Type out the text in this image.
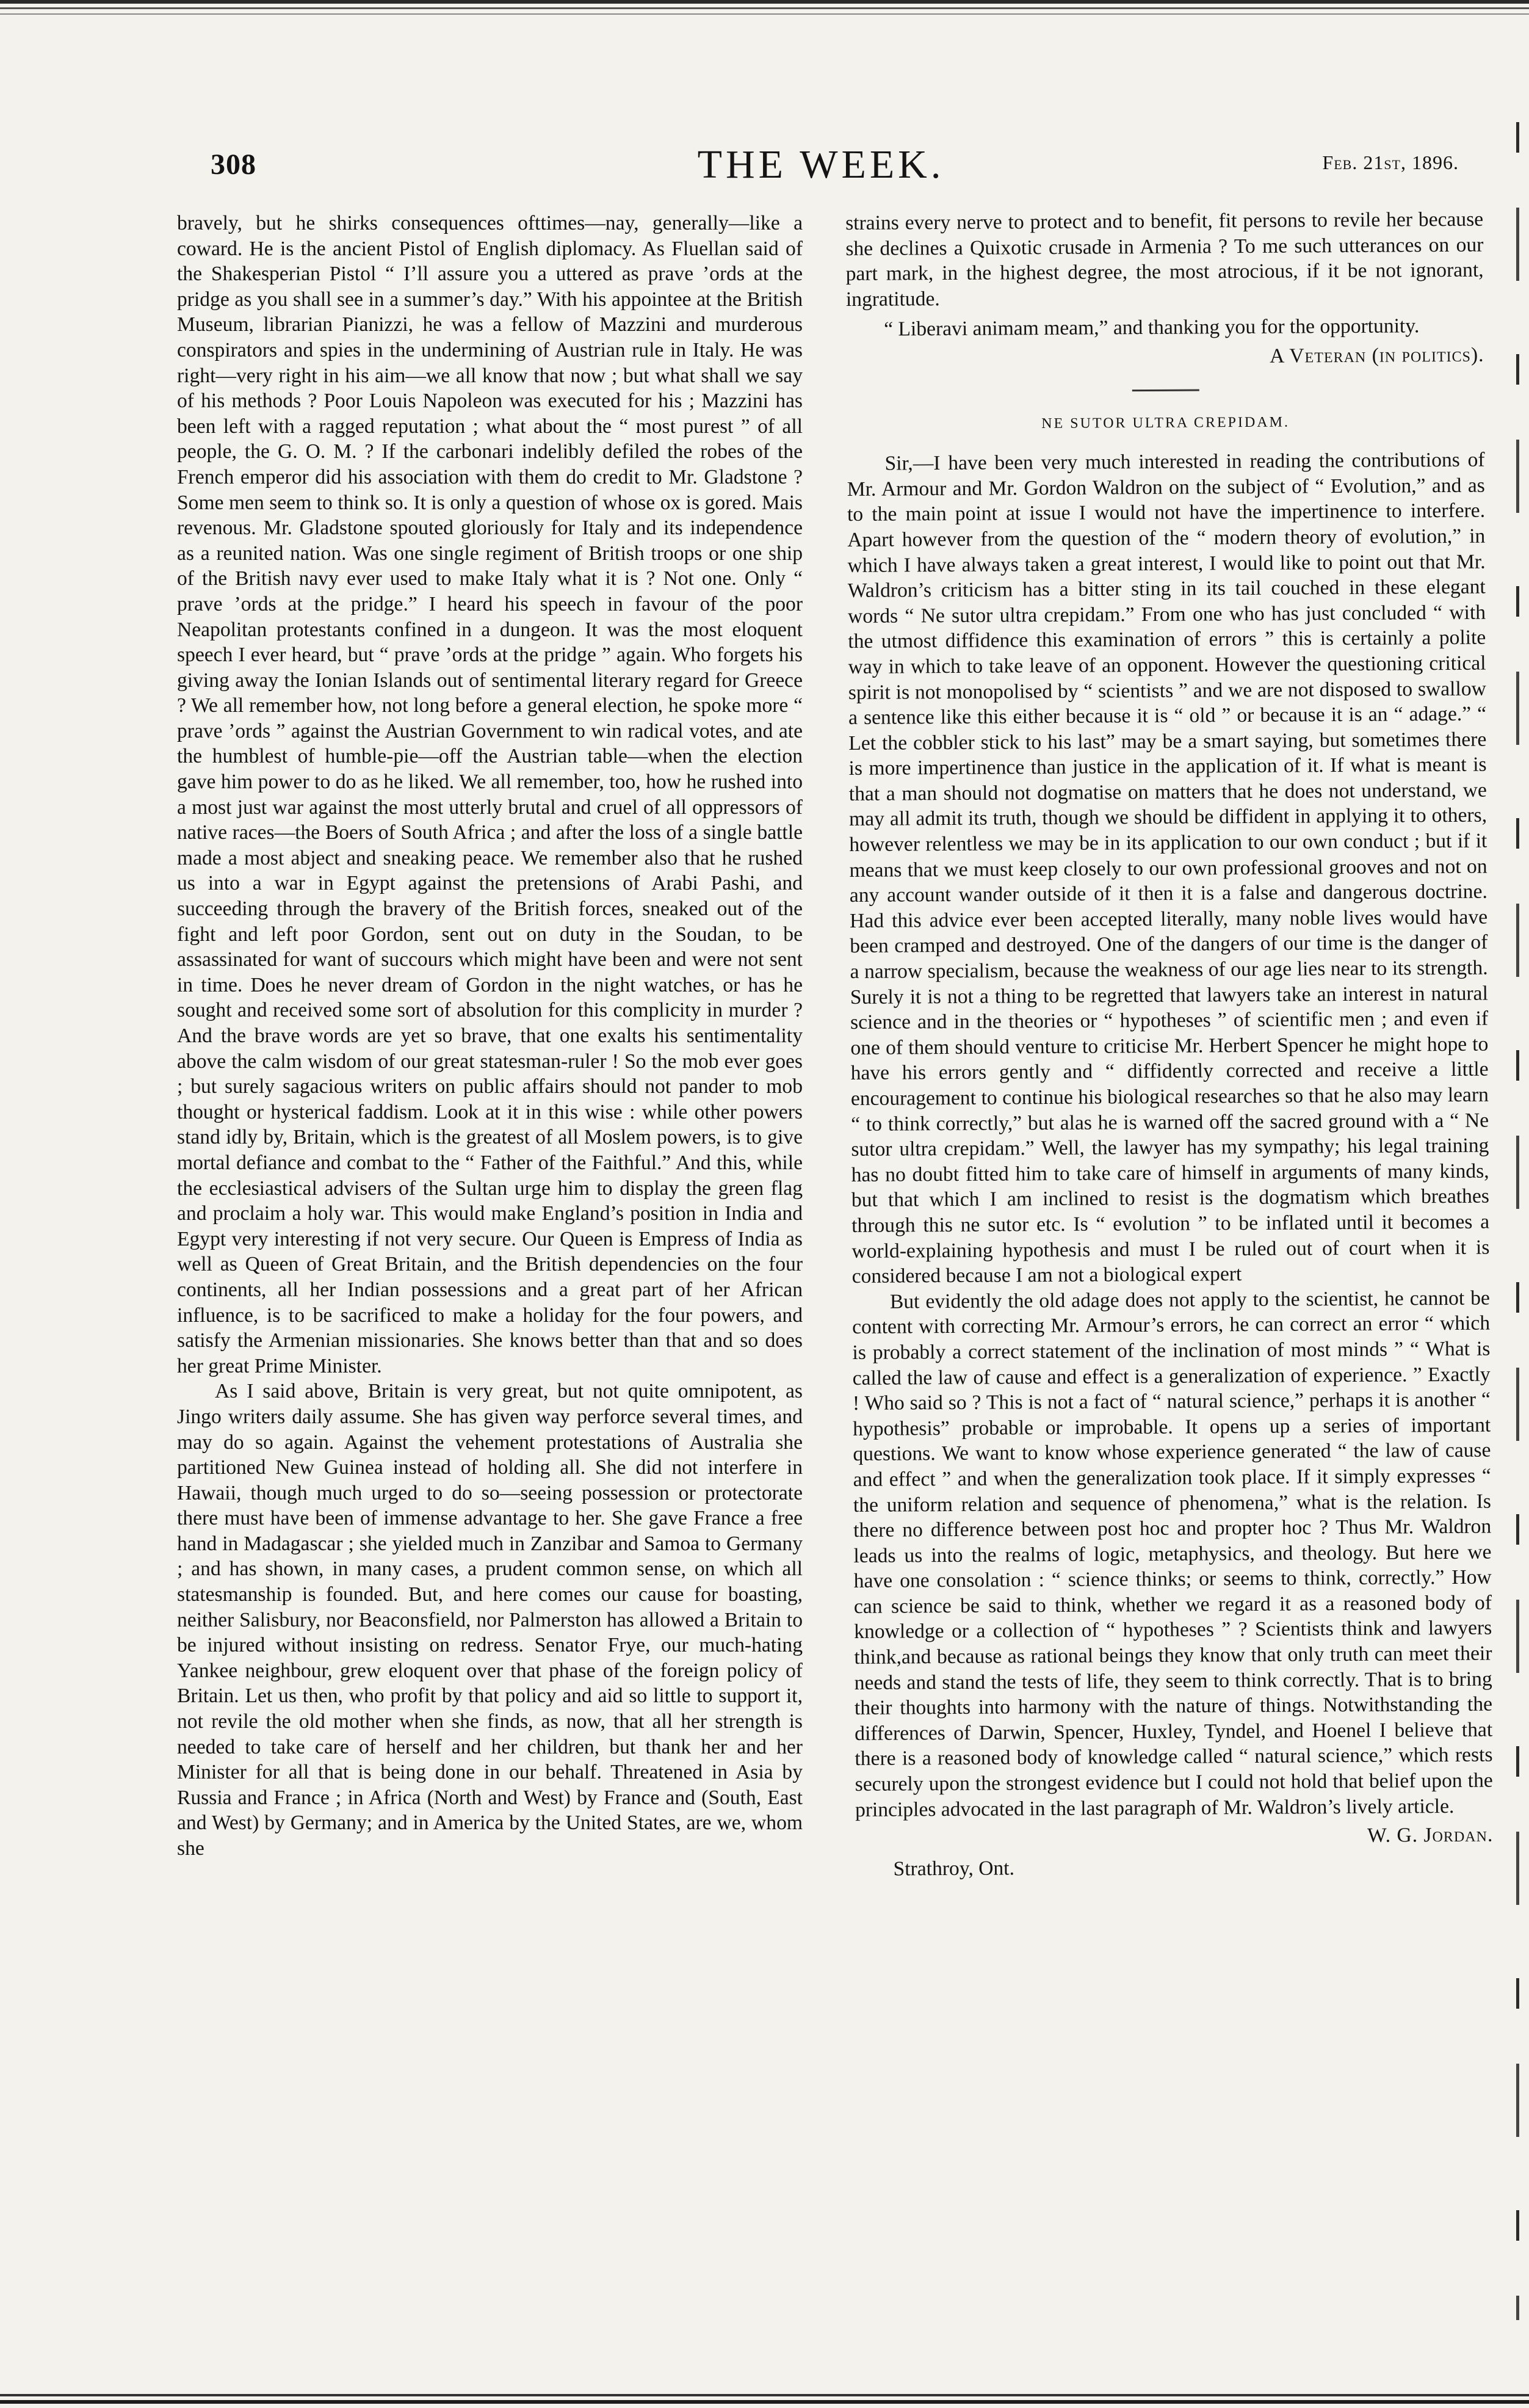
308	THE WEEK.	Feb. 21st, 1896.

bravely, but he shirks consequences ofttimes—nay, generally—like a coward. He is the ancient Pistol of English diplomacy. As Fluellan said of the Shakesperian Pistol “ I’ll assure you a uttered as prave ’ords at the pridge as you shall see in a summer’s day.” With his appointee at the British Museum, librarian Pianizzi, he was a fellow of Mazzini and murderous conspirators and spies in the undermining of Austrian rule in Italy. He was right—very right in his aim—we all know that now ; but what shall we say of his methods ? Poor Louis Napoleon was executed for his ; Mazzini has been left with a ragged reputation ; what about the “ most purest ” of all people, the G. O. M. ? If the carbonari indelibly defiled the robes of the French emperor did his association with them do credit to Mr. Gladstone ? Some men seem to think so. It is only a question of whose ox is gored. Mais revenous. Mr. Gladstone spouted gloriously for Italy and its independence as a reunited nation. Was one single regiment of British troops or one ship of the British navy ever used to make Italy what it is ? Not one. Only “ prave ’ords at the pridge.” I heard his speech in favour of the poor Neapolitan protestants confined in a dungeon. It was the most eloquent speech I ever heard, but “ prave ’ords at the pridge ” again. Who forgets his giving away the Ionian Islands out of sentimental literary regard for Greece ? We all remember how, not long before a general election, he spoke more “ prave ’ords ” against the Austrian Government to win radical votes, and ate the humblest of humble-pie—off the Austrian table—when the election gave him power to do as he liked. We all remember, too, how he rushed into a most just war against the most utterly brutal and cruel of all oppressors of native races—the Boers of South Africa ; and after the loss of a single battle made a most abject and sneaking peace. We remember also that he rushed us into a war in Egypt against the pretensions of Arabi Pashi, and succeeding through the bravery of the British forces, sneaked out of the fight and left poor Gordon, sent out on duty in the Soudan, to be assassinated for want of succours which might have been and were not sent in time. Does he never dream of Gordon in the night watches, or has he sought and received some sort of absolution for this complicity in murder ? And the brave words are yet so brave, that one exalts his sentimentality above the calm wisdom of our great statesman-ruler ! So the mob ever goes ; but surely sagacious writers on public affairs should not pander to mob thought or hysterical faddism. Look at it in this wise : while other powers stand idly by, Britain, which is the greatest of all Moslem powers, is to give mortal defiance and combat to the “ Father of the Faithful.” And this, while the ecclesiastical advisers of the Sultan urge him to display the green flag and proclaim a holy war. This would make England’s position in India and Egypt very interesting if not very secure. Our Queen is Empress of India as well as Queen of Great Britain, and the British dependencies on the four continents, all her Indian possessions and a great part of her African influence, is to be sacrificed to make a holiday for the four powers, and satisfy the Armenian missionaries. She knows better than that and so does her great Prime Minister.

As I said above, Britain is very great, but not quite omnipotent, as Jingo writers daily assume. She has given way perforce several times, and may do so again. Against the vehement protestations of Australia she partitioned New Guinea instead of holding all. She did not interfere in Hawaii, though much urged to do so—seeing possession or protectorate there must have been of immense advantage to her. She gave France a free hand in Madagascar ; she yielded much in Zanzibar and Samoa to Germany ; and has shown, in many cases, a prudent common sense, on which all statesmanship is founded. But, and here comes our cause for boasting, neither Salisbury, nor Beaconsfield, nor Palmerston has allowed a Britain to be injured without insisting on redress. Senator Frye, our much-hating Yankee neighbour, grew eloquent over that phase of the foreign policy of Britain. Let us then, who profit by that policy and aid so little to support it, not revile the old mother when she finds, as now, that all her strength is needed to take care of herself and her children, but thank her and her Minister for all that is being done in our behalf. Threatened in Asia by Russia and France ; in Africa (North and West) by France and (South, East and West) by Germany; and in America by the United States, are we, whom she

strains every nerve to protect and to benefit, fit persons to revile her because she declines a Quixotic crusade in Armenia ? To me such utterances on our part mark, in the highest degree, the most atrocious, if it be not ignorant, ingratitude.

“ Liberavi animam meam,” and thanking you for the opportunity.

A Veteran (in politics).

NE SUTOR ULTRA CREPIDAM.

Sir,—I have been very much interested in reading the contributions of Mr. Armour and Mr. Gordon Waldron on the subject of “ Evolution,” and as to the main point at issue I would not have the impertinence to interfere. Apart however from the question of the “ modern theory of evolution,” in which I have always taken a great interest, I would like to point out that Mr. Waldron’s criticism has a bitter sting in its tail couched in these elegant words “ Ne sutor ultra crepidam.” From one who has just concluded “ with the utmost diffidence this examination of errors ” this is certainly a polite way in which to take leave of an opponent. However the questioning critical spirit is not monopolised by “ scientists ” and we are not disposed to swallow a sentence like this either because it is “ old ” or because it is an “ adage.” “ Let the cobbler stick to his last” may be a smart saying, but sometimes there is more impertinence than justice in the application of it. If what is meant is that a man should not dogmatise on matters that he does not understand, we may all admit its truth, though we should be diffident in applying it to others, however relentless we may be in its application to our own conduct ; but if it means that we must keep closely to our own professional grooves and not on any account wander outside of it then it is a false and dangerous doctrine. Had this advice ever been accepted literally, many noble lives would have been cramped and destroyed. One of the dangers of our time is the danger of a narrow specialism, because the weakness of our age lies near to its strength. Surely it is not a thing to be regretted that lawyers take an interest in natural science and in the theories or “ hypotheses ” of scientific men ; and even if one of them should venture to criticise Mr. Herbert Spencer he might hope to have his errors gently and “ diffidently corrected and receive a little encouragement to continue his biological researches so that he also may learn “ to think correctly,” but alas he is warned off the sacred ground with a “ Ne sutor ultra crepidam.” Well, the lawyer has my sympathy; his legal training has no doubt fitted him to take care of himself in arguments of many kinds, but that which I am inclined to resist is the dogmatism which breathes through this ne sutor etc. Is “ evolution ” to be inflated until it becomes a world-explaining hypothesis and must I be ruled out of court when it is considered because I am not a biological expert

But evidently the old adage does not apply to the scientist, he cannot be content with correcting Mr. Armour’s errors, he can correct an error “ which is probably a correct statement of the inclination of most minds ” “ What is called the law of cause and effect is a generalization of experience. ” Exactly ! Who said so ? This is not a fact of “ natural science,” perhaps it is another “ hypothesis” probable or improbable. It opens up a series of important questions. We want to know whose experience generated “ the law of cause and effect ” and when the generalization took place. If it simply expresses “ the uniform relation and sequence of phenomena,” what is the relation. Is there no difference between post hoc and propter hoc ? Thus Mr. Waldron leads us into the realms of logic, metaphysics, and theology. But here we have one consolation : “ science thinks; or seems to think, correctly.” How can science be said to think, whether we regard it as a reasoned body of knowledge or a collection of “ hypotheses ” ? Scientists think and lawyers think,and because as rational beings they know that only truth can meet their needs and stand the tests of life, they seem to think correctly. That is to bring their thoughts into harmony with the nature of things. Notwithstanding the differences of Darwin, Spencer, Huxley, Tyndel, and Hoenel I believe that there is a reasoned body of knowledge called “ natural science,” which rests securely upon the strongest evidence but I could not hold that belief upon the principles advocated in the last paragraph of Mr. Waldron’s lively article.

W. G. Jordan.

Strathroy, Ont.
